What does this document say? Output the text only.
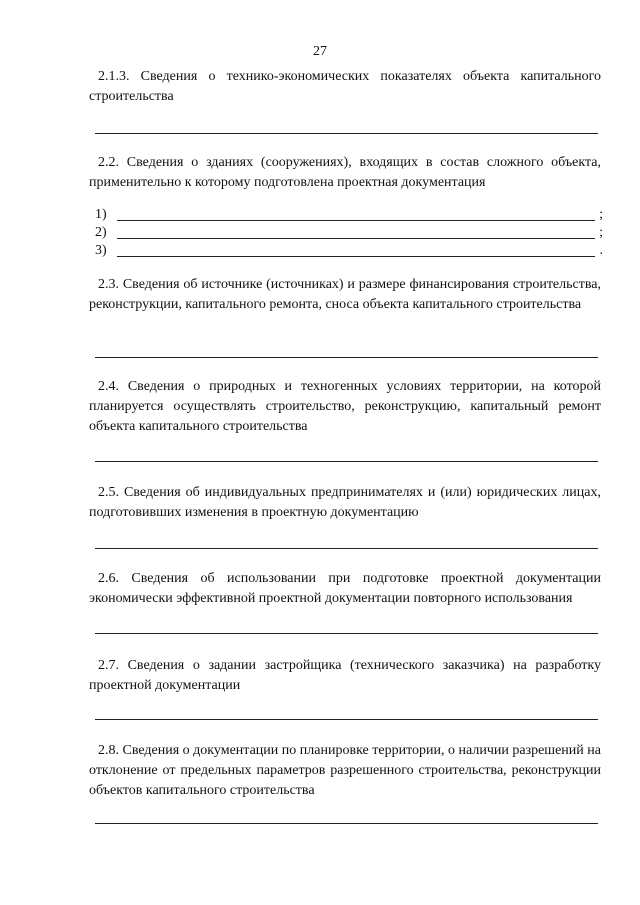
27

2.1.3. Сведения о технико-экономических показателях объекта капитального строительства

2.2. Сведения о зданиях (сооружениях), входящих в состав сложного объекта, применительно к которому подготовлена проектная документация

1)	;
2)	;
3)	.

2.3. Сведения об источнике (источниках) и размере финансирования строительства, реконструкции, капитального ремонта, сноса объекта капитального строительства

2.4. Сведения о природных и техногенных условиях территории, на которой планируется осуществлять строительство, реконструкцию, капитальный ремонт объекта капитального строительства

2.5. Сведения об индивидуальных предпринимателях и (или) юридических лицах, подготовивших изменения в проектную документацию

2.6. Сведения об использовании при подготовке проектной документации экономически эффективной проектной документации повторного использования

2.7. Сведения о задании застройщика (технического заказчика) на разработку проектной документации

2.8. Сведения о документации по планировке территории, о наличии разрешений на отклонение от предельных параметров разрешенного строительства, реконструкции объектов капитального строительства
